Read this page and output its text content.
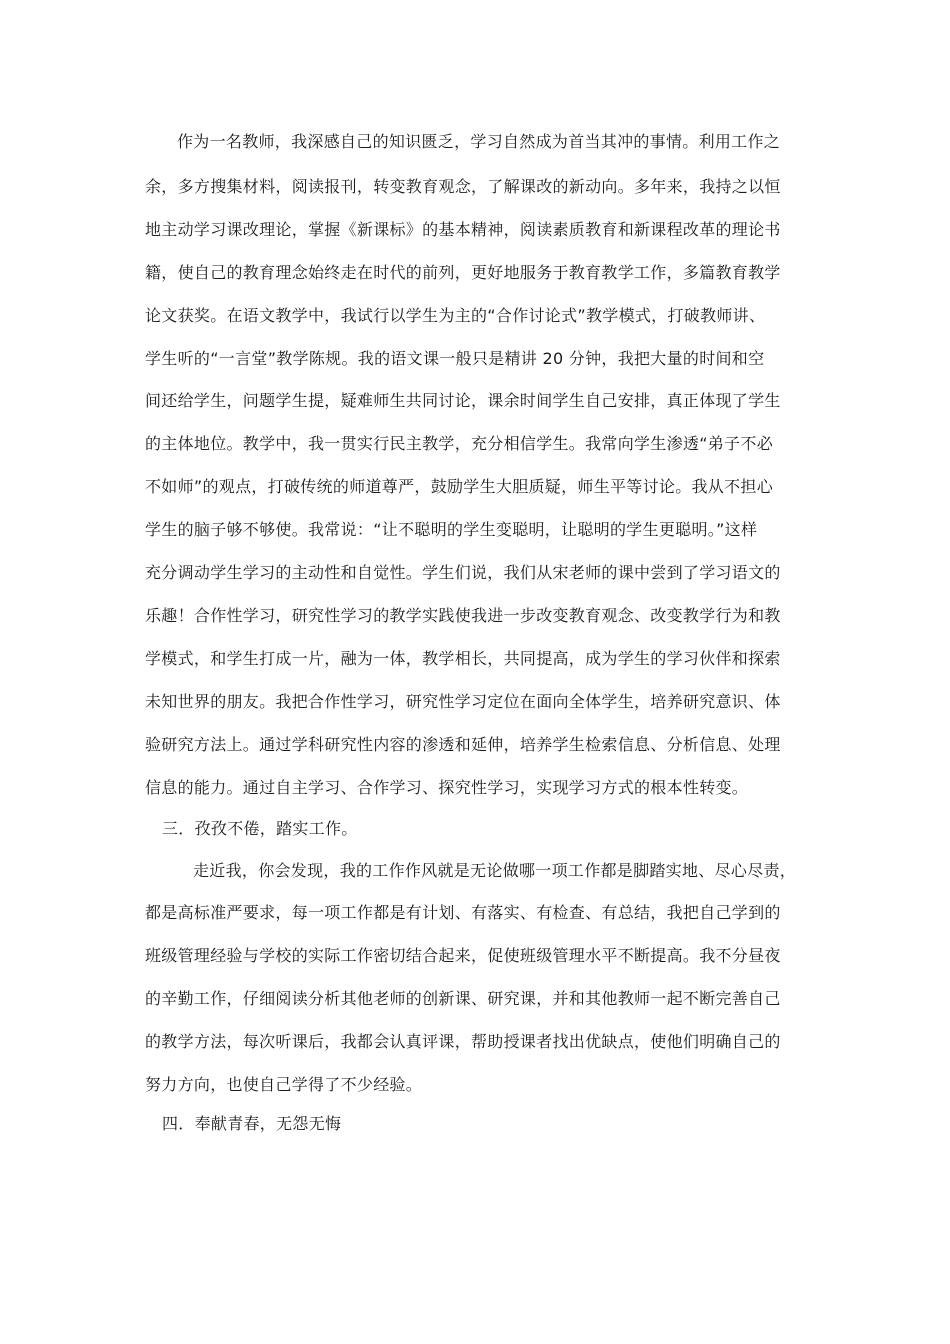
作为一名教师，我深感自己的知识匮乏，学习自然成为首当其冲的事情。利用工作之
余，多方搜集材料，阅读报刊，转变教育观念，了解课改的新动向。多年来，我持之以恒
地主动学习课改理论，掌握《新课标》的基本精神，阅读素质教育和新课程改革的理论书
籍，使自己的教育理念始终走在时代的前列，更好地服务于教育教学工作，多篇教育教学
论文获奖。在语文教学中，我试行以学生为主的“合作讨论式”教学模式，打破教师讲、
学生听的“一言堂”教学陈规。我的语文课一般只是精讲 20 分钟，我把大量的时间和空
间还给学生，问题学生提，疑难师生共同讨论，课余时间学生自己安排，真正体现了学生
的主体地位。教学中，我一贯实行民主教学，充分相信学生。我常向学生渗透“弟子不必
不如师”的观点，打破传统的师道尊严，鼓励学生大胆质疑，师生平等讨论。我从不担心
学生的脑子够不够使。我常说：“让不聪明的学生变聪明，让聪明的学生更聪明。”这样
充分调动学生学习的主动性和自觉性。学生们说，我们从宋老师的课中尝到了学习语文的
乐趣！合作性学习，研究性学习的教学实践使我进一步改变教育观念、改变教学行为和教
学模式，和学生打成一片，融为一体，教学相长，共同提高，成为学生的学习伙伴和探索
未知世界的朋友。我把合作性学习，研究性学习定位在面向全体学生，培养研究意识、体
验研究方法上。通过学科研究性内容的渗透和延伸，培养学生检索信息、分析信息、处理
信息的能力。通过自主学习、合作学习、探究性学习，实现学习方式的根本性转变。
三．孜孜不倦，踏实工作。
走近我，你会发现，我的工作作风就是无论做哪一项工作都是脚踏实地、尽心尽责，
都是高标准严要求，每一项工作都是有计划、有落实、有检查、有总结，我把自己学到的
班级管理经验与学校的实际工作密切结合起来，促使班级管理水平不断提高。我不分昼夜
的辛勤工作，仔细阅读分析其他老师的创新课、研究课，并和其他教师一起不断完善自己
的教学方法，每次听课后，我都会认真评课，帮助授课者找出优缺点，使他们明确自己的
努力方向，也使自己学得了不少经验。
四．奉献青春，无怨无悔
